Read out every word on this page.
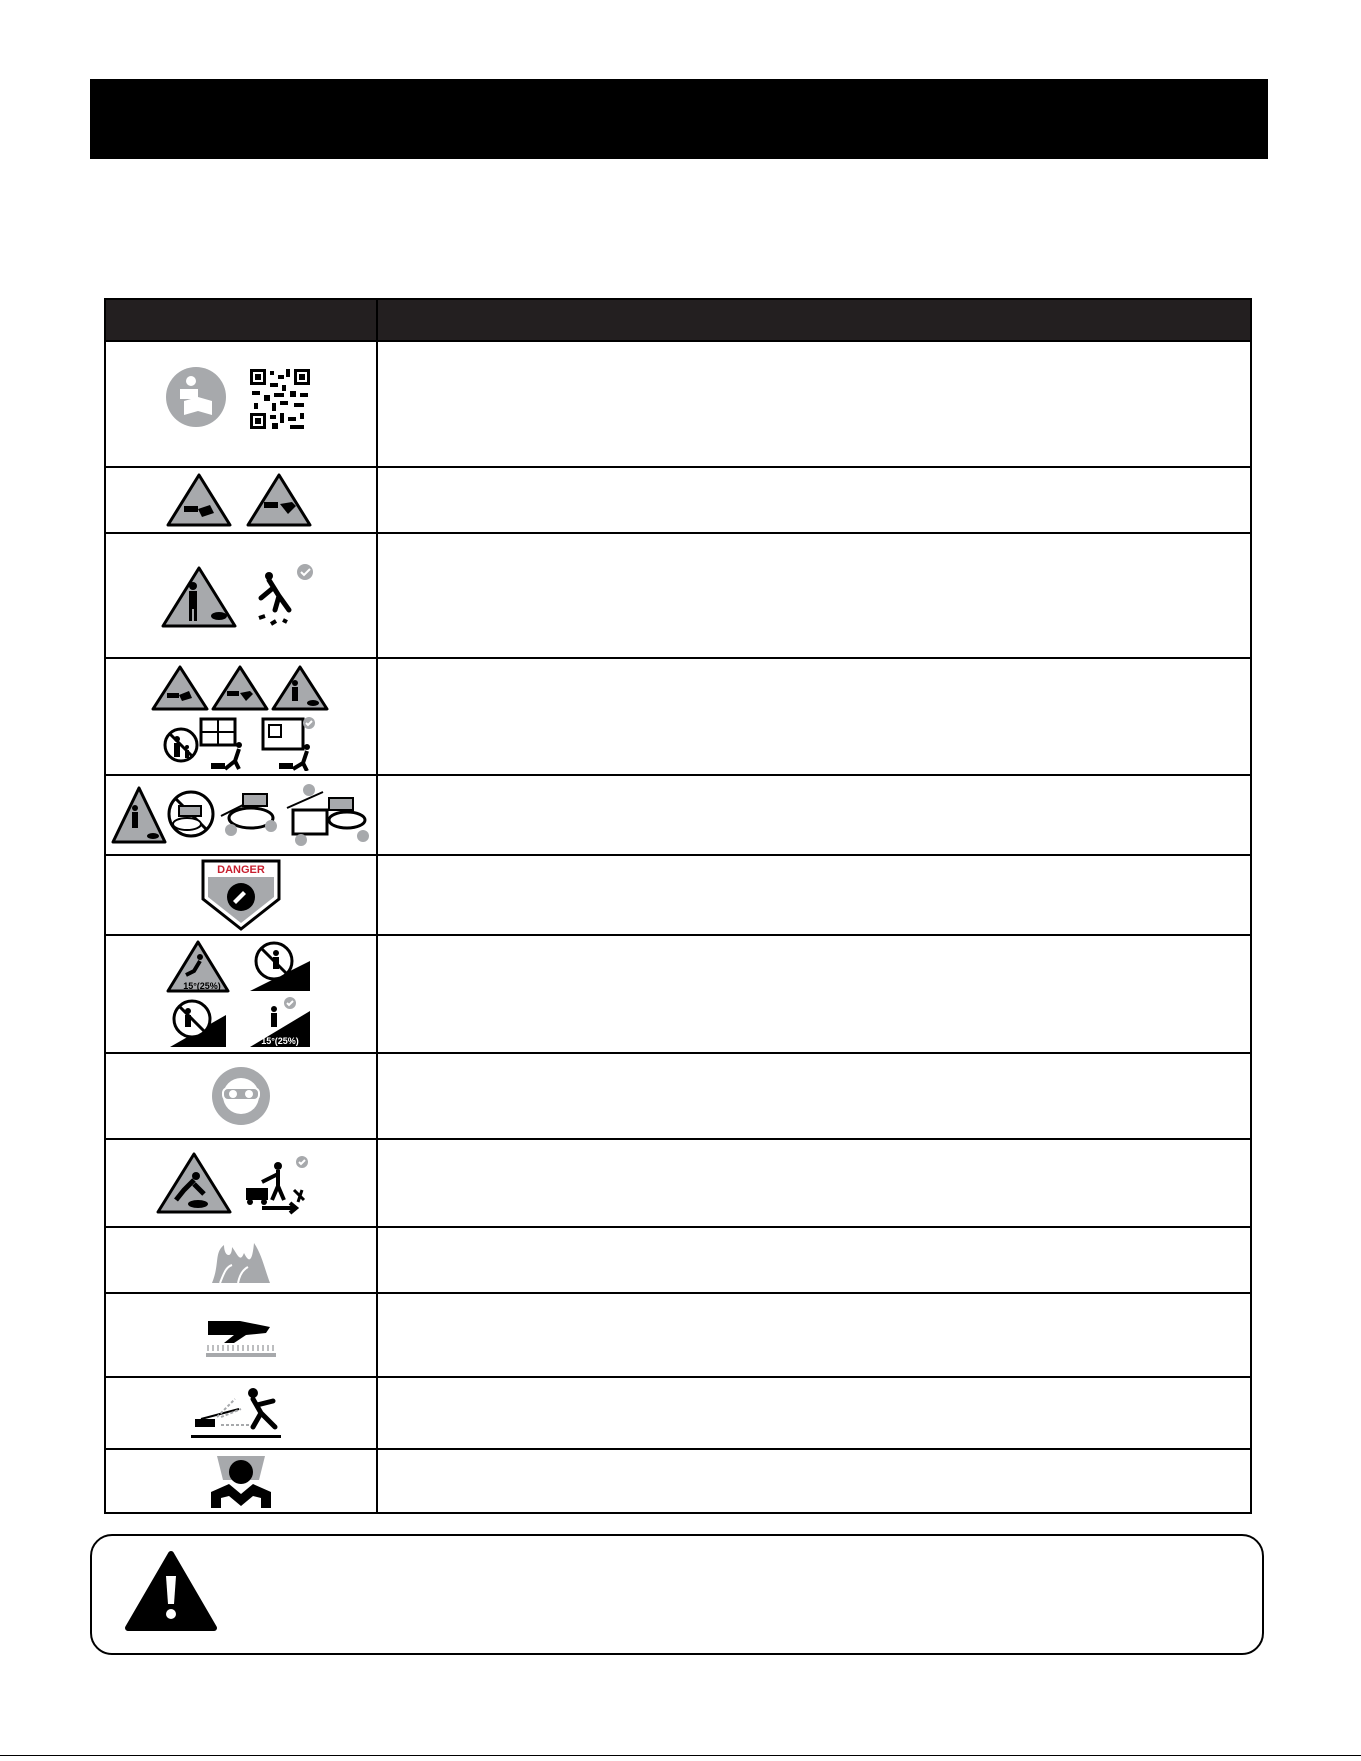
DANGER	

15°(25%)
15°(25%)	
